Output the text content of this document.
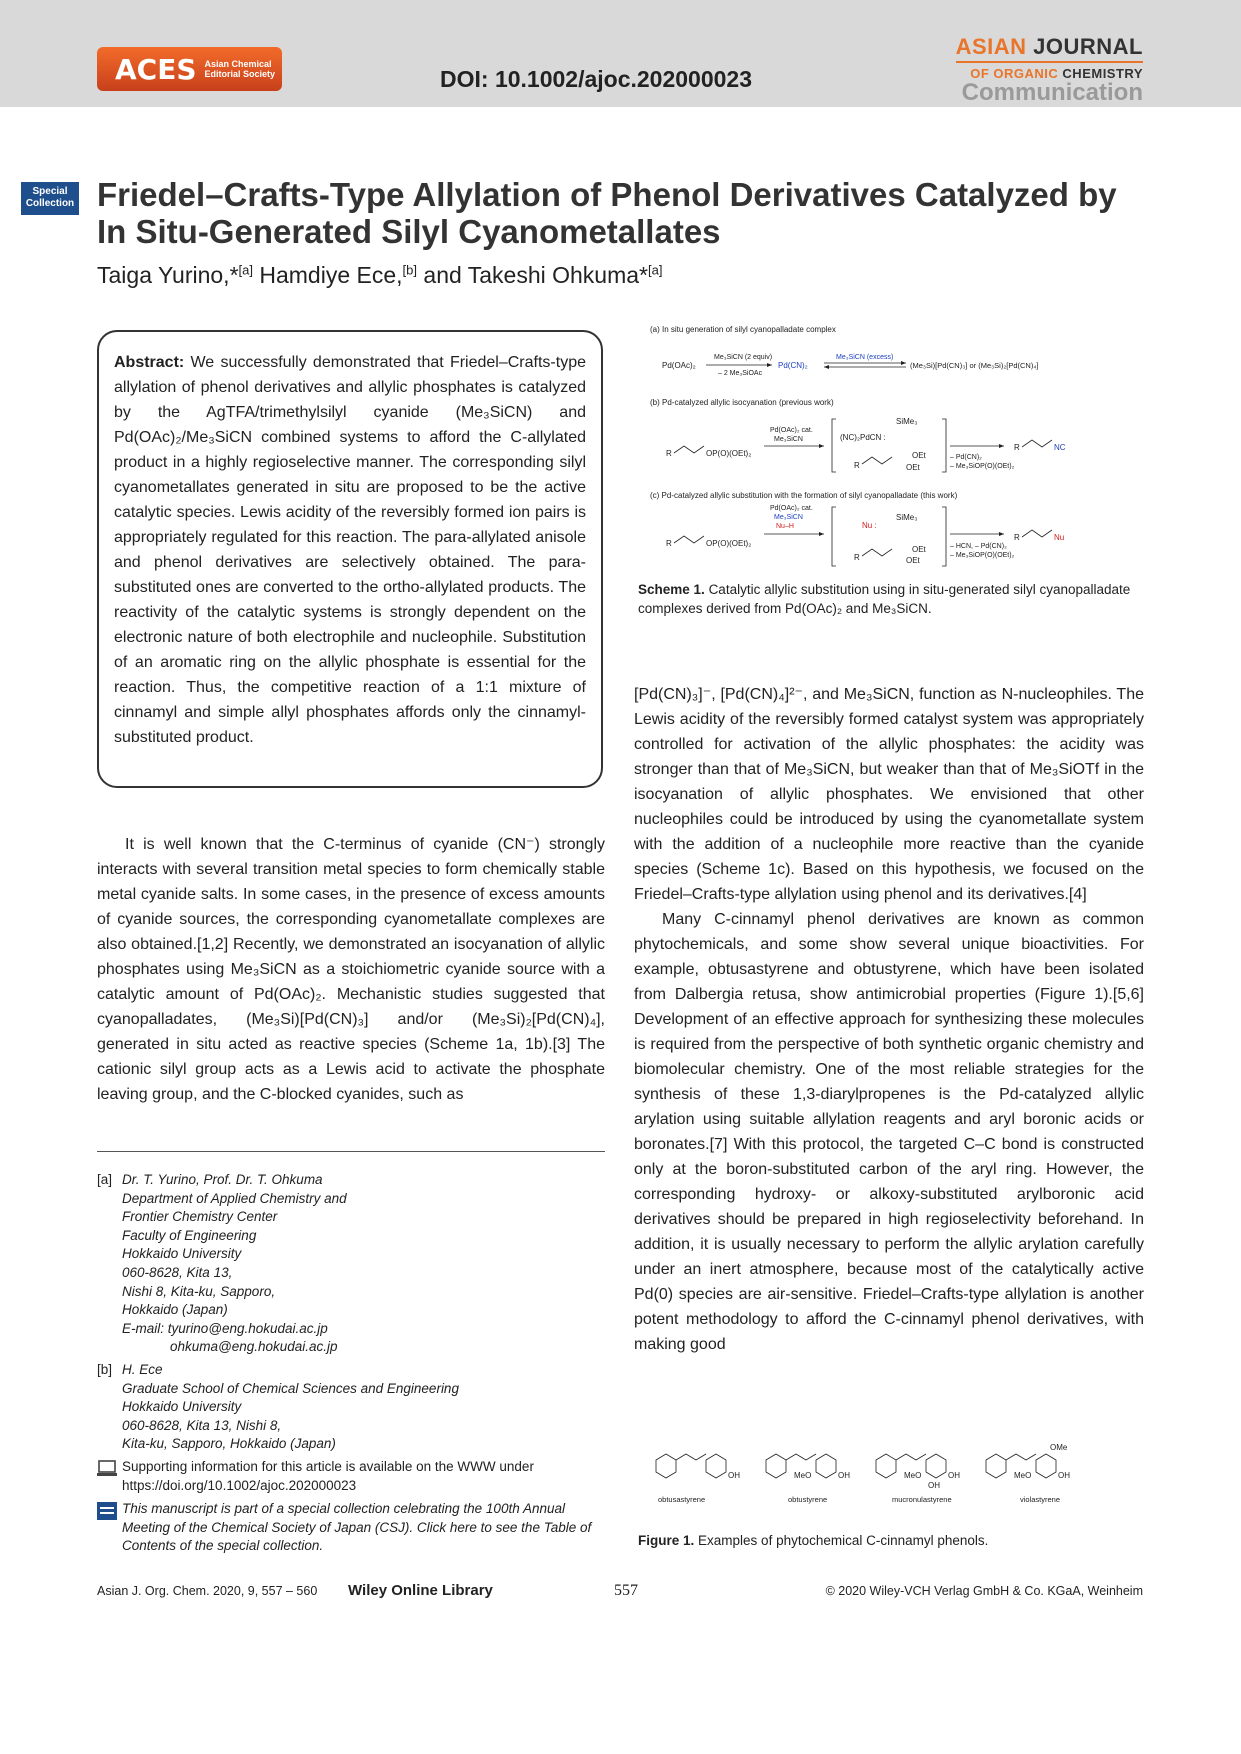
ACES Asian Chemical
Editorial Society	DOI: 10.1002/ajoc.202000023
ASIAN JOURNAL
OF ORGANIC CHEMISTRY
Communication
Special
Collection Friedel–Crafts-Type Allylation of Phenol Derivatives Catalyzed by In Situ-Generated Silyl Cyanometallates
Taiga Yurino,*[a] Hamdiye Ece,[b] and Takeshi Ohkuma*[a]
Abstract: We successfully demonstrated that Friedel–Crafts-type allylation of phenol derivatives and allylic phosphates is catalyzed by the AgTFA/trimethylsilyl cyanide (Me₃SiCN) and Pd(OAc)₂/Me₃SiCN combined systems to afford the C-allylated product in a highly regioselective manner. The corresponding silyl cyanometallates generated in situ are proposed to be the active catalytic species. Lewis acidity of the reversibly formed ion pairs is appropriately regulated for this reaction. The para-allylated anisole and phenol derivatives are selectively obtained. The para-substituted ones are converted to the ortho-allylated products. The reactivity of the catalytic systems is strongly dependent on the electronic nature of both electrophile and nucleophile. Substitution of an aromatic ring on the allylic phosphate is essential for the reaction. Thus, the competitive reaction of a 1:1 mixture of cinnamyl and simple allyl phosphates affords only the cinnamyl-substituted product.

It is well known that the C-terminus of cyanide (CN⁻) strongly interacts with several transition metal species to form chemically stable metal cyanide salts. In some cases, in the presence of excess amounts of cyanide sources, the corresponding cyanometallate complexes are also obtained.[1,2] Recently, we demonstrated an isocyanation of allylic phosphates using Me₃SiCN as a stoichiometric cyanide source with a catalytic amount of Pd(OAc)₂. Mechanistic studies suggested that cyanopalladates, (Me₃Si)[Pd(CN)₃] and/or (Me₃Si)₂[Pd(CN)₄], generated in situ acted as reactive species (Scheme 1a, 1b).[3] The cationic silyl group acts as a Lewis acid to activate the phosphate leaving group, and the C-blocked cyanides, such as

[a] Dr. T. Yurino, Prof. Dr. T. Ohkuma
Department of Applied Chemistry and
Frontier Chemistry Center
Faculty of Engineering
Hokkaido University
060-8628, Kita 13,
Nishi 8, Kita-ku, Sapporo,
Hokkaido (Japan)
E-mail: tyurino@eng.hokudai.ac.jp
ohkuma@eng.hokudai.ac.jp
[b] H. Ece
Graduate School of Chemical Sciences and Engineering
Hokkaido University
060-8628, Kita 13, Nishi 8,
Kita-ku, Sapporo, Hokkaido (Japan)
Supporting information for this article is available on the WWW under https://doi.org/10.1002/ajoc.202000023
This manuscript is part of a special collection celebrating the 100th Annual Meeting of the Chemical Society of Japan (CSJ). Click here to see the Table of Contents of the special collection.
(a) In situ generation of silyl cyanopalladate complex
Pd(OAc)₂
Me₃SiCN (2 equiv)
– 2 Me₃SiOAc
Pd(CN)₂
Me₃SiCN (excess)
(Me₃Si)[Pd(CN)₃] or (Me₃Si)₂[Pd(CN)₄]
(b) Pd-catalyzed allylic isocyanation (previous work)
R	OP(O)(OEt)₂
Pd(OAc)₂ cat.
Me₃SiCN	(NC)₂PdCN :
SiMe₃
R
OEt
OEt
– Pd(CN)₂
– Me₃SiOP(O)(OEt)₂
R	NC
(c) Pd-catalyzed allylic substitution with the formation of silyl cyanopalladate (this work)
R	OP(O)(OEt)₂
Pd(OAc)₂ cat.
Me₃SiCN
Nu–H	Nu :
SiMe₃
R
OEt
OEt
– HCN, – Pd(CN)₂
– Me₃SiOP(O)(OEt)₂
R	Nu
Scheme 1. Catalytic allylic substitution using in situ-generated silyl cyanopalladate complexes derived from Pd(OAc)₂ and Me₃SiCN.

[Pd(CN)₃]⁻, [Pd(CN)₄]²⁻, and Me₃SiCN, function as N-nucleophiles. The Lewis acidity of the reversibly formed catalyst system was appropriately controlled for activation of the allylic phosphates: the acidity was stronger than that of Me₃SiCN, but weaker than that of Me₃SiOTf in the isocyanation of allylic phosphates. We envisioned that other nucleophiles could be introduced by using the cyanometallate system with the addition of a nucleophile more reactive than the cyanide species (Scheme 1c). Based on this hypothesis, we focused on the Friedel–Crafts-type allylation using phenol and its derivatives.[4]

Many C-cinnamyl phenol derivatives are known as common phytochemicals, and some show several unique bioactivities. For example, obtusastyrene and obtustyrene, which have been isolated from Dalbergia retusa, show antimicrobial properties (Figure 1).[5,6] Development of an effective approach for synthesizing these molecules is required from the perspective of both synthetic organic chemistry and biomolecular chemistry. One of the most reliable strategies for the synthesis of these 1,3-diarylpropenes is the Pd-catalyzed allylic arylation using suitable allylation reagents and aryl boronic acids or boronates.[7] With this protocol, the targeted C–C bond is constructed only at the boron-substituted carbon of the aryl ring. However, the corresponding hydroxy- or alkoxy-substituted arylboronic acid derivatives should be prepared in high regioselectivity beforehand. In addition, it is usually necessary to perform the allylic arylation carefully under an inert atmosphere, because most of the catalytically active Pd(0) species are air-sensitive. Friedel–Crafts-type allylation is another potent methodology to afford the C-cinnamyl phenol derivatives, with making good

OH
obtusastyrene
MeO	OH
obtustyrene
MeO	OH
OH
mucronulastyrene
OMe
MeO	OH
violastyrene
Figure 1. Examples of phytochemical C-cinnamyl phenols.
Asian J. Org. Chem. 2020, 9, 557 – 560 Wiley Online Library	557	© 2020 Wiley-VCH Verlag GmbH & Co. KGaA, Weinheim
